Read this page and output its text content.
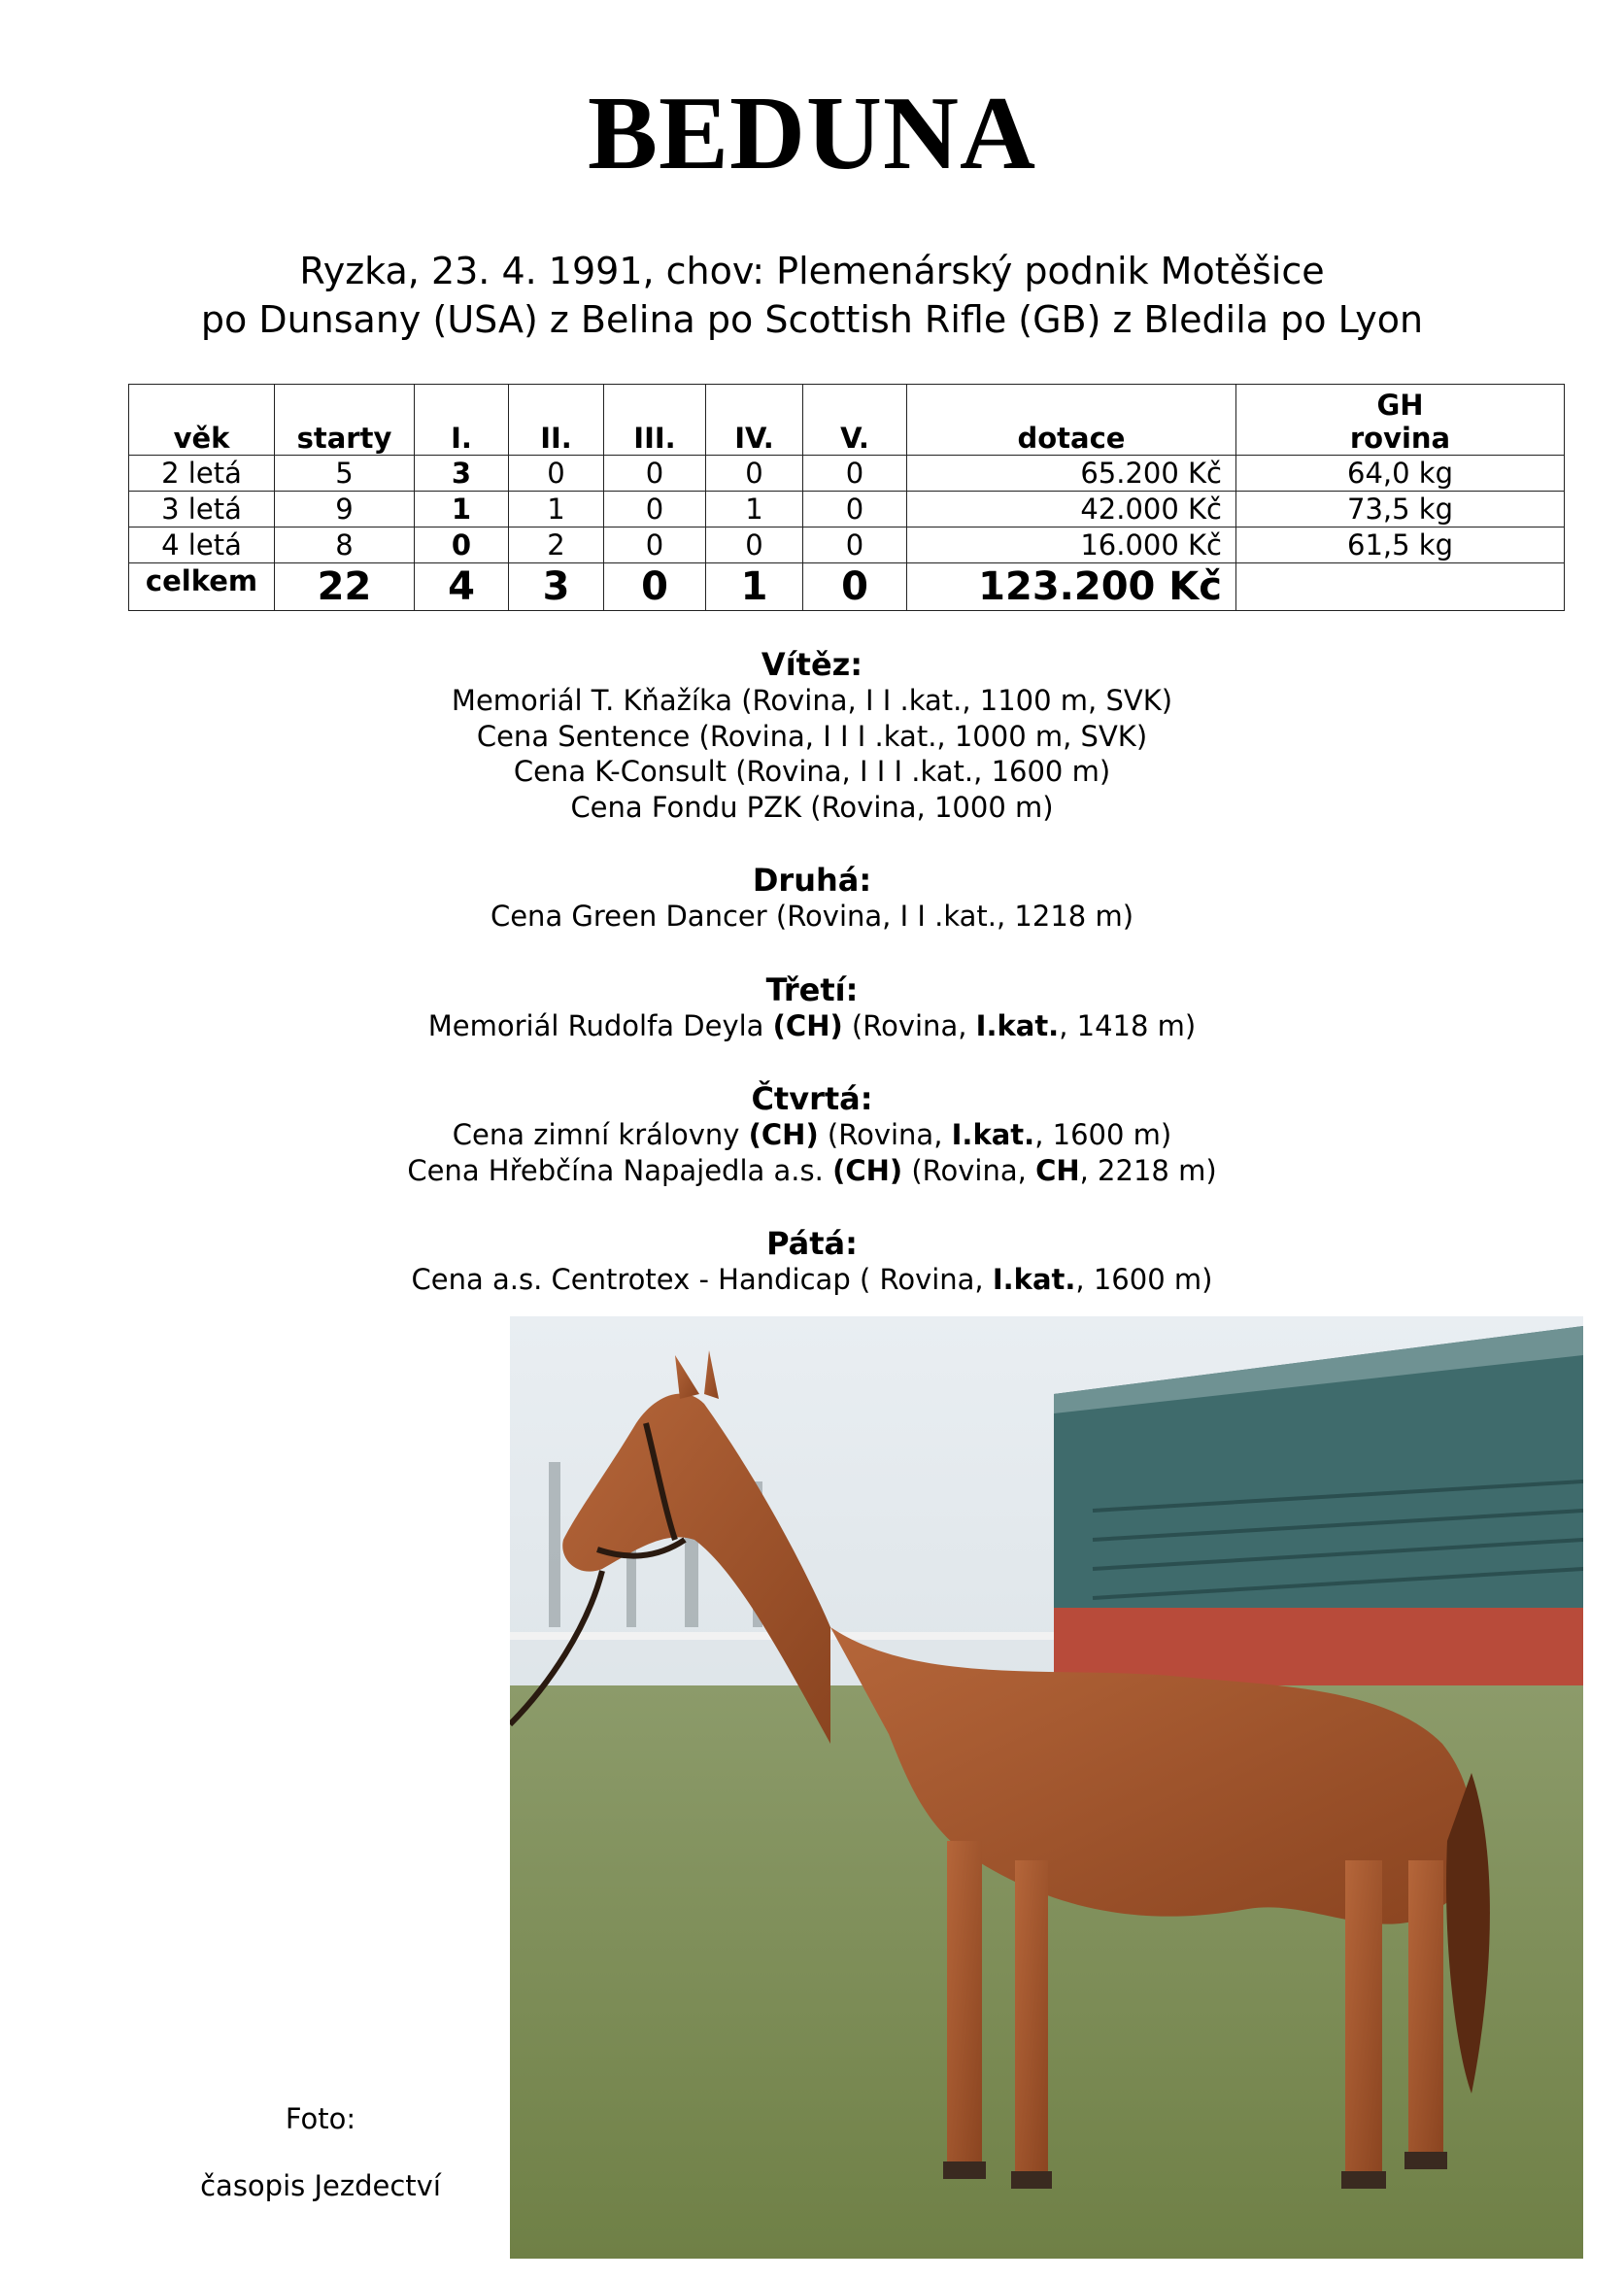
BEDUNA
Ryzka, 23. 4. 1991, chov: Plemenárský podnik Motěšice
po Dunsany (USA) z Belina po Scottish Rifle (GB) z Bledila po Lyon
věk	starty	I.	II.	III.	IV.	V.	dotace	GH
rovina
2 letá	5	3	0	0	0	0	65.200 Kč	64,0 kg
3 letá	9	1	1	0	1	0	42.000 Kč	73,5 kg
4 letá	8	0	2	0	0	0	16.000 Kč	61,5 kg
celkem	22	4	3	0	1	0	123.200 Kč	
Vítěz:
Memoriál T. Kňažíka (Rovina, I I .kat., 1100 m, SVK)
Cena Sentence (Rovina, I I I .kat., 1000 m, SVK)
Cena K-Consult (Rovina, I I I .kat., 1600 m)
Cena Fondu PZK (Rovina, 1000 m)
Druhá:
Cena Green Dancer (Rovina, I I .kat., 1218 m)
Třetí:
Memoriál Rudolfa Deyla (CH) (Rovina, I.kat., 1418 m)
Čtvrtá:
Cena zimní královny (CH) (Rovina, I.kat., 1600 m)
Cena Hřebčína Napajedla a.s. (CH) (Rovina, CH, 2218 m)
Pátá:
Cena a.s. Centrotex - Handicap ( Rovina, I.kat., 1600 m)
Foto:
časopis Jezdectví
